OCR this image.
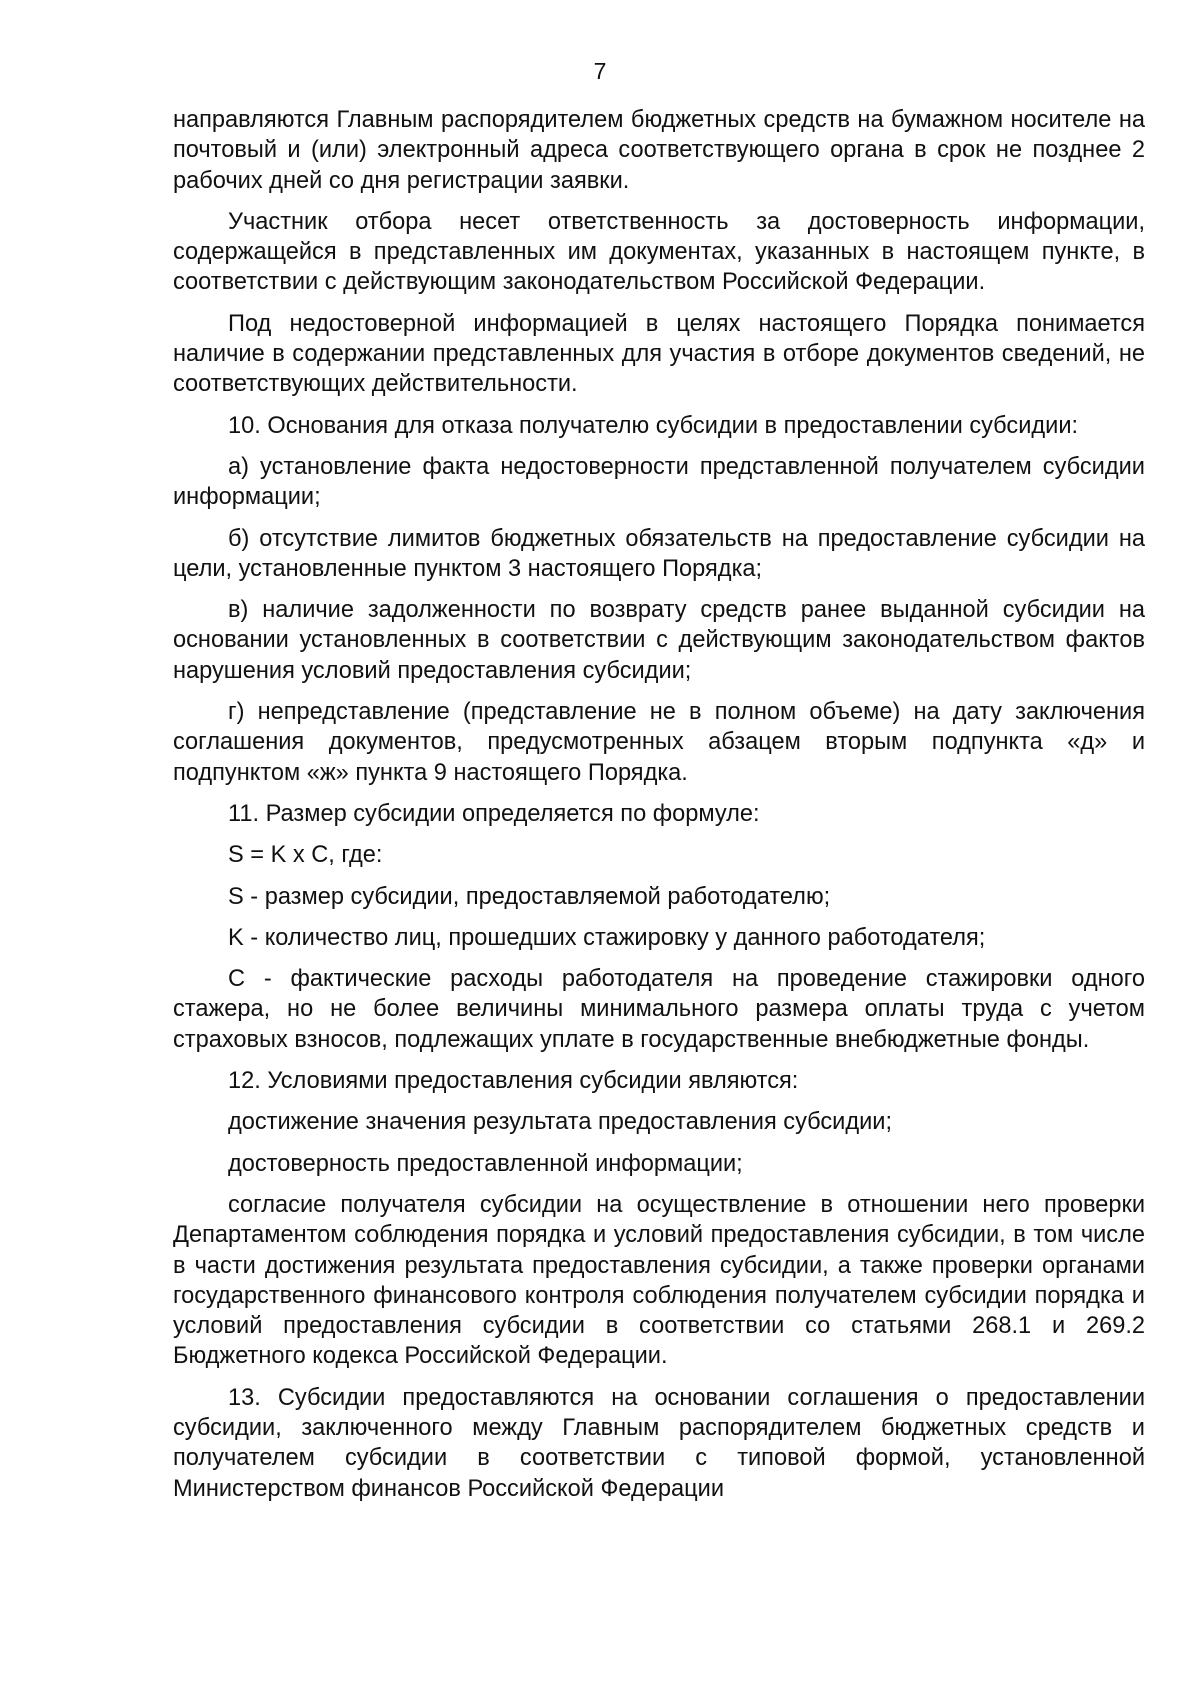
7

направляются Главным распорядителем бюджетных средств на бумажном носителе на почтовый и (или) электронный адреса соответствующего органа в срок не позднее 2 рабочих дней со дня регистрации заявки.

Участник отбора несет ответственность за достоверность информации, содержащейся в представленных им документах, указанных в настоящем пункте, в соответствии с действующим законодательством Российской Федерации.

Под недостоверной информацией в целях настоящего Порядка понимается наличие в содержании представленных для участия в отборе документов сведений, не соответствующих действительности.

10. Основания для отказа получателю субсидии в предоставлении субсидии:

а) установление факта недостоверности представленной получателем субсидии информации;

б) отсутствие лимитов бюджетных обязательств на предоставление субсидии на цели, установленные пунктом 3 настоящего Порядка;

в) наличие задолженности по возврату средств ранее выданной субсидии на основании установленных в соответствии с действующим законодательством фактов нарушения условий предоставления субсидии;

г) непредставление (представление не в полном объеме) на дату заключения соглашения документов, предусмотренных абзацем вторым подпункта «д» и подпунктом «ж» пункта 9 настоящего Порядка.

11. Размер субсидии определяется по формуле:

S = K x C, где:

S - размер субсидии, предоставляемой работодателю;

K - количество лиц, прошедших стажировку у данного работодателя;

C - фактические расходы работодателя на проведение стажировки одного стажера, но не более величины минимального размера оплаты труда с учетом страховых взносов, подлежащих уплате в государственные внебюджетные фонды.

12. Условиями предоставления субсидии являются:

достижение значения результата предоставления субсидии;

достоверность предоставленной информации;

согласие получателя субсидии на осуществление в отношении него проверки Департаментом соблюдения порядка и условий предоставления субсидии, в том числе в части достижения результата предоставления субсидии, а также проверки органами государственного финансового контроля соблюдения получателем субсидии порядка и условий предоставления субсидии в соответствии со статьями 268.1 и 269.2 Бюджетного кодекса Российской Федерации.

13. Субсидии предоставляются на основании соглашения о предоставлении субсидии, заключенного между Главным распорядителем бюджетных средств и получателем субсидии в соответствии с типовой формой, установленной Министерством финансов Российской Федерации
